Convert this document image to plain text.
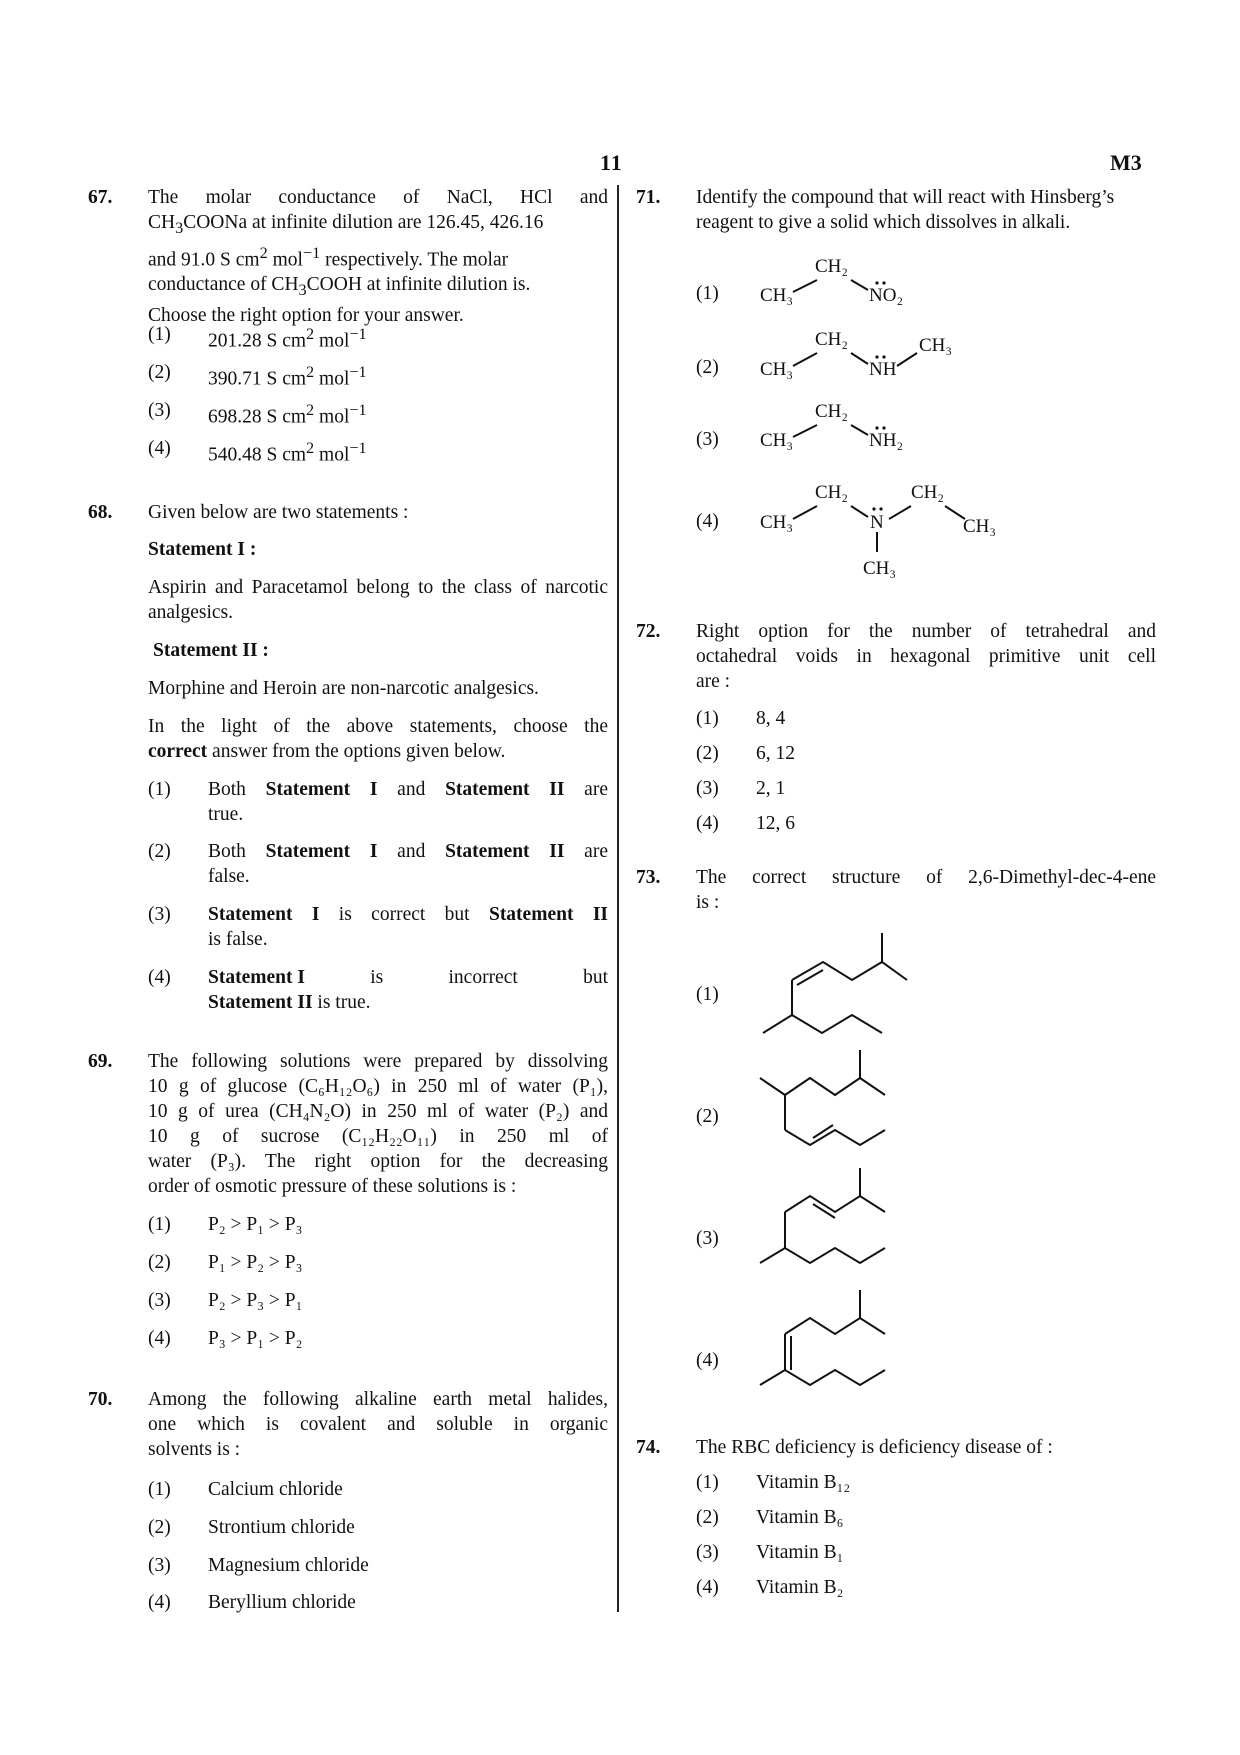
11	M3
67. The molar conductance of NaCl, HCl and
$CH_3COONa$ at infinite dilution are 126.45, 426.16
and 91.0 S $cm^2$ mol$^{-1}$ respectively. The molar
conductance of $CH_3COOH$ at infinite dilution is.
Choose the right option for your answer.
(1) 201.28 S $cm^2$ mol$^{-1}$
(2) 390.71 S $cm^2$ mol$^{-1}$
(3) 698.28 S $cm^2$ mol$^{-1}$
(4) 540.48 S $cm^2$ mol$^{-1}$
68. Given below are two statements :
Statement I :
Aspirin and Paracetamol belong to the class of narcotic analgesics.
Statement II :
Morphine and Heroin are non-narcotic analgesics.
In the light of the above statements, choose the
correct answer from the options given below.
(1) Both Statement I and Statement II are
true.
(2) Both Statement I and Statement II are
false.
(3) Statement I is correct but Statement II
is false.
(4) Statement I	is	incorrect	but
Statement II is true.
69. The following solutions were prepared by dissolving
10 g of glucose (C₆H₁₂O₆) in 250 ml of water (P₁),
10 g of urea (CH₄N₂O) in 250 ml of water (P₂) and
10 g of sucrose (C₁₂H₂₂O₁₁) in 250 ml of
water (P₃). The right option for the decreasing
order of osmotic pressure of these solutions is :
(1) P₂ > P₁ > P₃
(2) P₁ > P₂ > P₃
(3) P₂ > P₃ > P₁
(4) P₃ > P₁ > P₂
70. Among the following alkaline earth metal halides,
one which is covalent and soluble in organic
solvents is :
(1) Calcium chloride
(2) Strontium chloride
(3) Magnesium chloride
(4) Beryllium chloride
71. Identify the compound that will react with Hinsberg’s
reagent to give a solid which dissolves in alkali.
(1) CH₃
CH₂
NO₂
(2) CH₃
CH₂
NH
CH₃
(3) CH₃
CH₂
NH₂
(4) CH₃
CH₂
N
CH₂
CH₃
CH₃
72. Right option for the number of tetrahedral and
octahedral voids in hexagonal primitive unit cell
are :
(1) 8, 4
(2) 6, 12
(3) 2, 1
(4) 12, 6
73. The correct structure of 2,6-Dimethyl-dec-4-ene
is :
(1)
(2)
(3)
(4)
74. The RBC deficiency is deficiency disease of :
(1) Vitamin B₁₂
(2) Vitamin B₆
(3) Vitamin B₁
(4) Vitamin B₂
